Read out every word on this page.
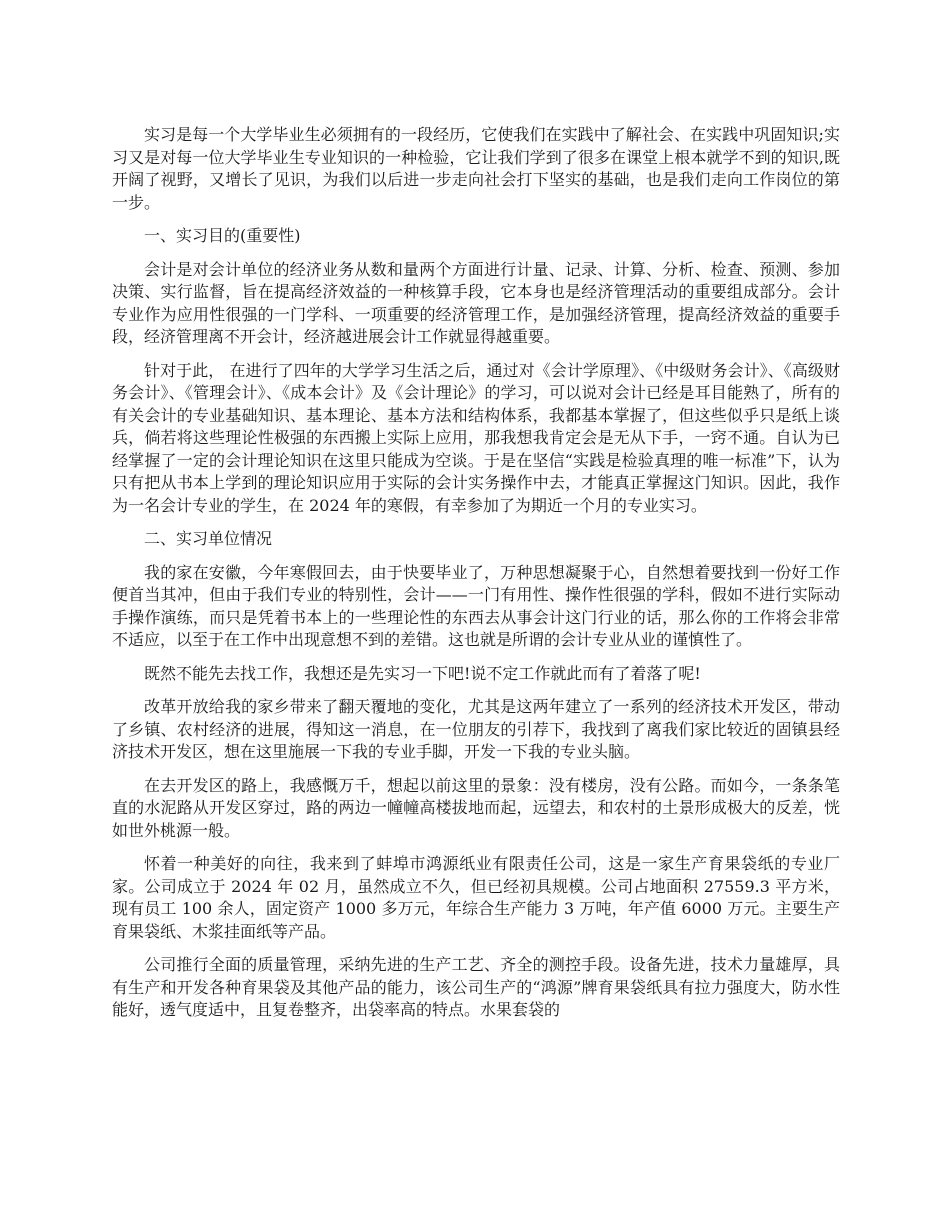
实习是每一个大学毕业生必须拥有的一段经历，它使我们在实践中了解社会、在实践中巩固知识;实习又是对每一位大学毕业生专业知识的一种检验，它让我们学到了很多在课堂上根本就学不到的知识,既开阔了视野，又增长了见识，为我们以后进一步走向社会打下坚实的基础，也是我们走向工作岗位的第一步。

一、实习目的(重要性)

会计是对会计单位的经济业务从数和量两个方面进行计量、记录、计算、分析、检查、预测、参加决策、实行监督，旨在提高经济效益的一种核算手段，它本身也是经济管理活动的重要组成部分。会计专业作为应用性很强的一门学科、一项重要的经济管理工作，是加强经济管理，提高经济效益的重要手段，经济管理离不开会计，经济越进展会计工作就显得越重要。

针对于此， 在进行了四年的大学学习生活之后，通过对《会计学原理》、《中级财务会计》、《高级财务会计》、《管理会计》、《成本会计》及《会计理论》的学习，可以说对会计已经是耳目能熟了，所有的有关会计的专业基础知识、基本理论、基本方法和结构体系，我都基本掌握了，但这些似乎只是纸上谈兵，倘若将这些理论性极强的东西搬上实际上应用，那我想我肯定会是无从下手，一窍不通。自认为已经掌握了一定的会计理论知识在这里只能成为空谈。于是在坚信“实践是检验真理的唯一标准”下，认为只有把从书本上学到的理论知识应用于实际的会计实务操作中去，才能真正掌握这门知识。因此，我作为一名会计专业的学生，在 2024 年的寒假，有幸参加了为期近一个月的专业实习。

二、实习单位情况

我的家在安徽，今年寒假回去，由于快要毕业了，万种思想凝聚于心，自然想着要找到一份好工作便首当其冲，但由于我们专业的特别性，会计——一门有用性、操作性很强的学科，假如不进行实际动手操作演练，而只是凭着书本上的一些理论性的东西去从事会计这门行业的话，那么你的工作将会非常不适应，以至于在工作中出现意想不到的差错。这也就是所谓的会计专业从业的谨慎性了。

既然不能先去找工作，我想还是先实习一下吧!说不定工作就此而有了着落了呢!

改革开放给我的家乡带来了翻天覆地的变化，尤其是这两年建立了一系列的经济技术开发区，带动了乡镇、农村经济的进展，得知这一消息，在一位朋友的引荐下，我找到了离我们家比较近的固镇县经济技术开发区，想在这里施展一下我的专业手脚，开发一下我的专业头脑。

在去开发区的路上，我感慨万千，想起以前这里的景象：没有楼房，没有公路。而如今，一条条笔直的水泥路从开发区穿过，路的两边一幢幢高楼拔地而起，远望去，和农村的土景形成极大的反差，恍如世外桃源一般。

怀着一种美好的向往，我来到了蚌埠市鸿源纸业有限责任公司，这是一家生产育果袋纸的专业厂家。公司成立于 2024 年 02 月，虽然成立不久，但已经初具规模。公司占地面积 27559.3 平方米，现有员工 100 余人，固定资产 1000 多万元，年综合生产能力 3 万吨，年产值 6000 万元。主要生产育果袋纸、木浆挂面纸等产品。

公司推行全面的质量管理，采纳先进的生产工艺、齐全的测控手段。设备先进，技术力量雄厚，具有生产和开发各种育果袋及其他产品的能力，该公司生产的“鸿源”牌育果袋纸具有拉力强度大，防水性能好，透气度适中，且复卷整齐，出袋率高的特点。水果套袋的
